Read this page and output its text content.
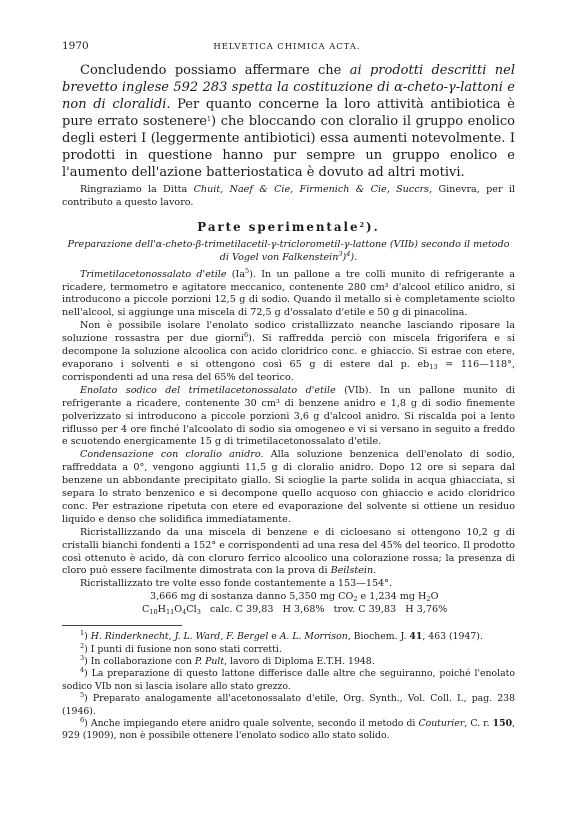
1970	HELVETICA CHIMICA ACTA.

Concludendo possiamo affermare che ai prodotti descritti nel brevetto inglese 592 283 spetta la costituzione di α-cheto-γ-lattoni e non di cloralidi. Per quanto concerne la loro attività antibiotica è pure errato sostenere$^1$) che bloccando con cloralio il gruppo enolico degli esteri I (leggermente antibiotici) essa aumenti notevolmente. I prodotti in questione hanno pur sempre un gruppo enolico e l'aumento dell'azione batteriostatica è dovuto ad altri motivi.

Ringraziamo la Ditta Chuit, Naef & Cie, Firmenich & Cie, Succrs, Ginevra, per il contributo a questo lavoro.

Parte sperimentale$^2$).

Preparazione dell'α-cheto-β-trimetilacetil-γ-triclorometil-γ-lattone (VIIb) secondo il metodo di Vogel von Falkenstein$^3$)$^4$).

Trimetilacetonossalato d'etile (Ia$^5$). In un pallone a tre colli munito di refrigerante a ricadere, termometro e agitatore meccanico, contenente 280 cm³ d'alcool etilico anidro, si introducono a piccole porzioni 12,5 g di sodio. Quando il metallo si è completamente sciolto nell'alcool, si aggiunge una miscela di 72,5 g d'ossalato d'etile e 50 g di pinacolina.

Non è possibile isolare l'enolato sodico cristallizzato neanche lasciando riposare la soluzione rossastra per due giorni$^6$). Si raffredda perciò con miscela frigorifera e si decompone la soluzione alcoolica con acido cloridrico conc. e ghiaccio. Si estrae con etere, evaporano i solventi e si ottengono così 65 g di estere dal p. $eb_{13}$ = 116—118°, corrispondenti ad una resa del 65% del teorico.

Enolato sodico del trimetilacetonossalato d'etile (VIb). In un pallone munito di refrigerante a ricadere, contenente 30 cm³ di benzene anidro e 1,8 g di sodio finemente polverizzato si introducono a piccole porzioni 3,6 g d'alcool anidro. Si riscalda poi a lento riflusso per 4 ore finché l'alcoolato di sodio sia omogeneo e vi si versano in seguito a freddo e scuotendo energicamente 15 g di trimetilacetonossalato d'etile.

Condensazione con cloralio anidro. Alla soluzione benzenica dell'enolato di sodio, raffreddata a 0°, vengono aggiunti 11,5 g di cloralio anidro. Dopo 12 ore si separa dal benzene un abbondante precipitato giallo. Si scioglie la parte solida in acqua ghiacciata, si separa lo strato benzenico e si decompone quello acquoso con ghiaccio e acido cloridrico conc. Per estrazione ripetuta con etere ed evaporazione del solvente si ottiene un residuo liquido e denso che solidifica immediatamente.

Ricristallizzando da una miscela di benzene e di cicloesano si ottengono 10,2 g di cristalli bianchi fondenti a 152° e corrispondenti ad una resa del 45% del teorico. Il prodotto così ottenuto è acido, dà con cloruro ferrico alcoolico una colorazione rossa; la presenza di cloro può essere facilmente dimostrata con la prova di Beilstein.

Ricristallizzato tre volte esso fonde costantemente a 153—154°.

3,666 mg di sostanza danno 5,350 mg $CO_2$ e 1,234 mg $H_2O$
$C_{10}H_{11}O_4Cl_3$   calc. C 39,83   H 3,68%   trov. C 39,83   H 3,76%

$^1$) H. Rinderknecht, J. L. Ward, F. Bergel e A. L. Morrison, Biochem. J. 41, 463 (1947).

$^2$) I punti di fusione non sono stati corretti.

$^3$) In collaborazione con P. Pult, lavoro di Diploma E.T.H. 1948.

$^4$) La preparazione di questo lattone differisce dalle altre che seguiranno, poiché l'enolato sodico VIb non si lascia isolare allo stato grezzo.

$^5$) Preparato analogamente all'acetonossalato d'etile, Org. Synth., Vol. Coll. I., pag. 238 (1946).

$^6$) Anche impiegando etere anidro quale solvente, secondo il metodo di Couturier, C. r. 150, 929 (1909), non è possibile ottenere l'enolato sodico allo stato solido.
